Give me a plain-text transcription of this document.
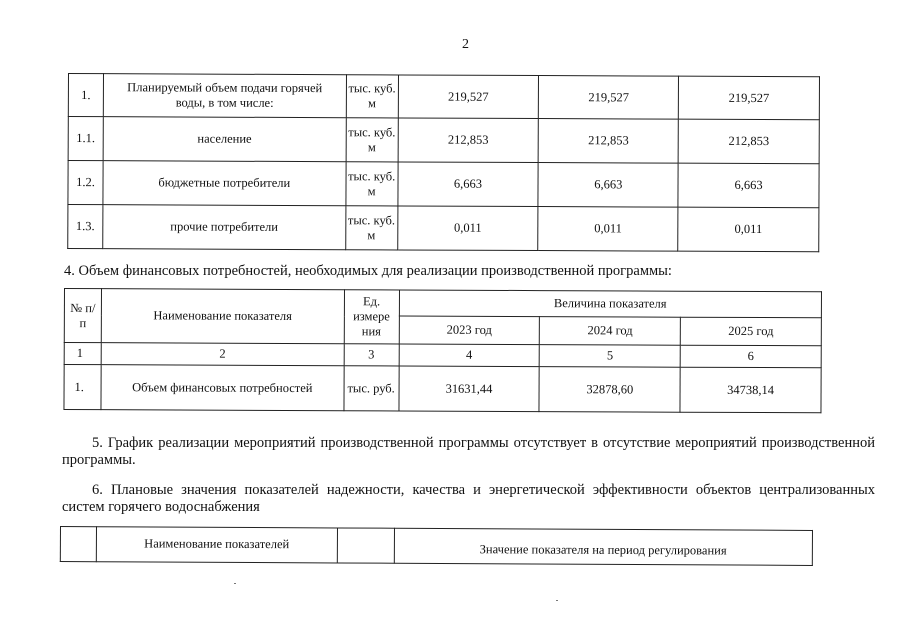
2
1.	Планируемый объем подачи горячей воды, в том числе:	тыс. куб. м	219,527	219,527	219,527
1.1.	население	тыс. куб. м	212,853	212,853	212,853
1.2.	бюджетные потребители	тыс. куб. м	6,663	6,663	6,663
1.3.	прочие потребители	тыс. куб. м	0,011	0,011	0,011
4. Объем финансовых потребностей, необходимых для реализации производственной программы:
№ п/п	Наименование показателя	Ед. измере ния	Величина показателя		
			2023 год	2024 год	2025 год
1	2	3	4	5	6
1.	Объем финансовых потребностей	тыс. руб.	31631,44	32878,60	34738,14
5. График реализации мероприятий производственной программы отсутствует в отсутствие мероприятий производственной программы.
6. Плановые значения показателей надежности, качества и энергетической эффективности объектов централизованных систем горячего водоснабжения
	Наименование показателей		Значение показателя на период регулирования
